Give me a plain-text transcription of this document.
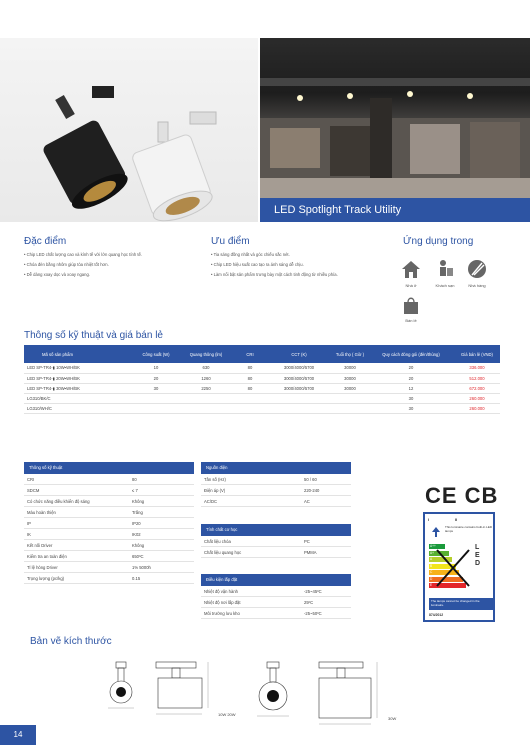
LED Spotlight Track Utility
Đặc điểm
• Chip LED chất lượng cao và kính tế với lớn quang học tính tế.
• Chóa đèn bằng nhôm giúp tỏa nhiệt tốt hơn.
• Dễ dàng xoay dọc và xoay ngang.
Ưu điểm
• Tia sáng đồng nhất và góc chiếu sắc nét.
• Chip LED hiệu suất cao tạo ra ánh sáng dễ chịu.
• Làm nổi bật sản phẩm trưng bày một cách tinh động từ nhiều phía.
Ứng dụng trong
Nhà ở	Khách sạn	Nhà hàng
Bán lẻ
Thông số kỹ thuật và giá bán lẻ
Mã số sản phẩm	Công suất (W)	Quang thông (lm)	CRI	CCT (K)	Tuổi thọ ( Giờ )	Quy cách đóng gói (đèn/thùng)	Giá bán lẻ (VND)
LED SP-TR4-▮ 10W▪WH/BK	10	630	80	3000/4000/5700	30000	20	336.000
LED SP-TR4-▮ 20W▪WH/BK	20	1260	80	3000/4000/5700	30000	20	512.000
LED SP-TR4-▮ 30W▪WH/BK	30	2250	80	3000/4000/5700	30000	12	672.000
LG310/BK/C						30	260.000
LG310/WH/C						30	260.000
Thông số kỹ thuật
CRI	80
SDCM	≤ 7
Có chức năng điều khiển độ sáng	Không
Màu hoàn thiện	Trắng
IP	IP20
IK	IK02
Kết nối Driver	Không
Kiểm tra an toàn điện	650ºC
Tỉ lệ hỏng Driver	1% 5000h
Trọng lượng (pc/kg)	0.15
Nguồn điện
Tần số (Hz)	50 / 60
Điện áp (V)	220-240
AC/DC	AC
Tính chất cơ học
Chất liệu chóa	PC
Chất liệu quang học	PMMA
Điều kiện lắp đặt
Nhiệt độ vận hành	-25~45ºC
Nhiệt độ nơi lắp đặt	25ºC
Môi trường lưu kho	-25~50ºC
CE CB
I	II
This luminaire contains built-in LED lamps
A++
A+
A
B
C
D
E
L
E
D
The lamps cannot be changed in the luminaire.
874/2012
Bản vẽ kích thước
10W 20W
30W
14
